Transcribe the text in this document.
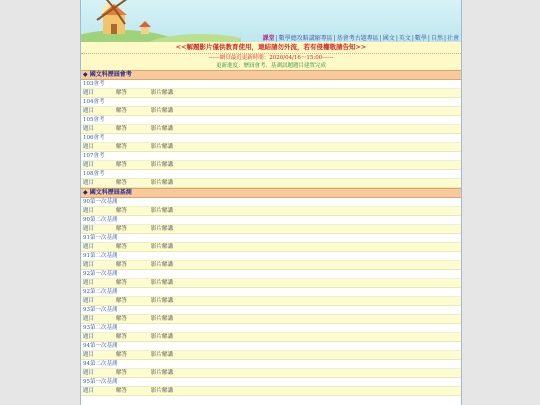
課堂|數學總攻略講解專區|基會考古題專區|國文|英文|數學|自然|社會
<<解題影片僅供教育使用，連結請勿外流，若有侵權敬請告知>>
------網頁最近更新時間：2020/04/16～15:00------
更新進度：歷屆會考、基測試題題目建置完成
◆ 國文科歷屆會考
103會考
題目	解答	影片解講
104會考
題目	解答	影片解講
105會考
題目	解答	影片解講
106會考
題目	解答	影片解講
107會考
題目	解答	影片解講
108會考
題目	解答	影片解講
◆ 國文科歷屆基測
90第一次基測
題目	解答	影片解講
90第二次基測
題目	解答	影片解講
91第一次基測
題目	解答	影片解講
91第二次基測
題目	解答	影片解講
92第一次基測
題目	解答	影片解講
92第二次基測
題目	解答	影片解講
93第一次基測
題目	解答	影片解講
93第二次基測
題目	解答	影片解講
94第一次基測
題目	解答	影片解講
94第二次基測
題目	解答	影片解講
95第一次基測
題目	解答	影片解講
